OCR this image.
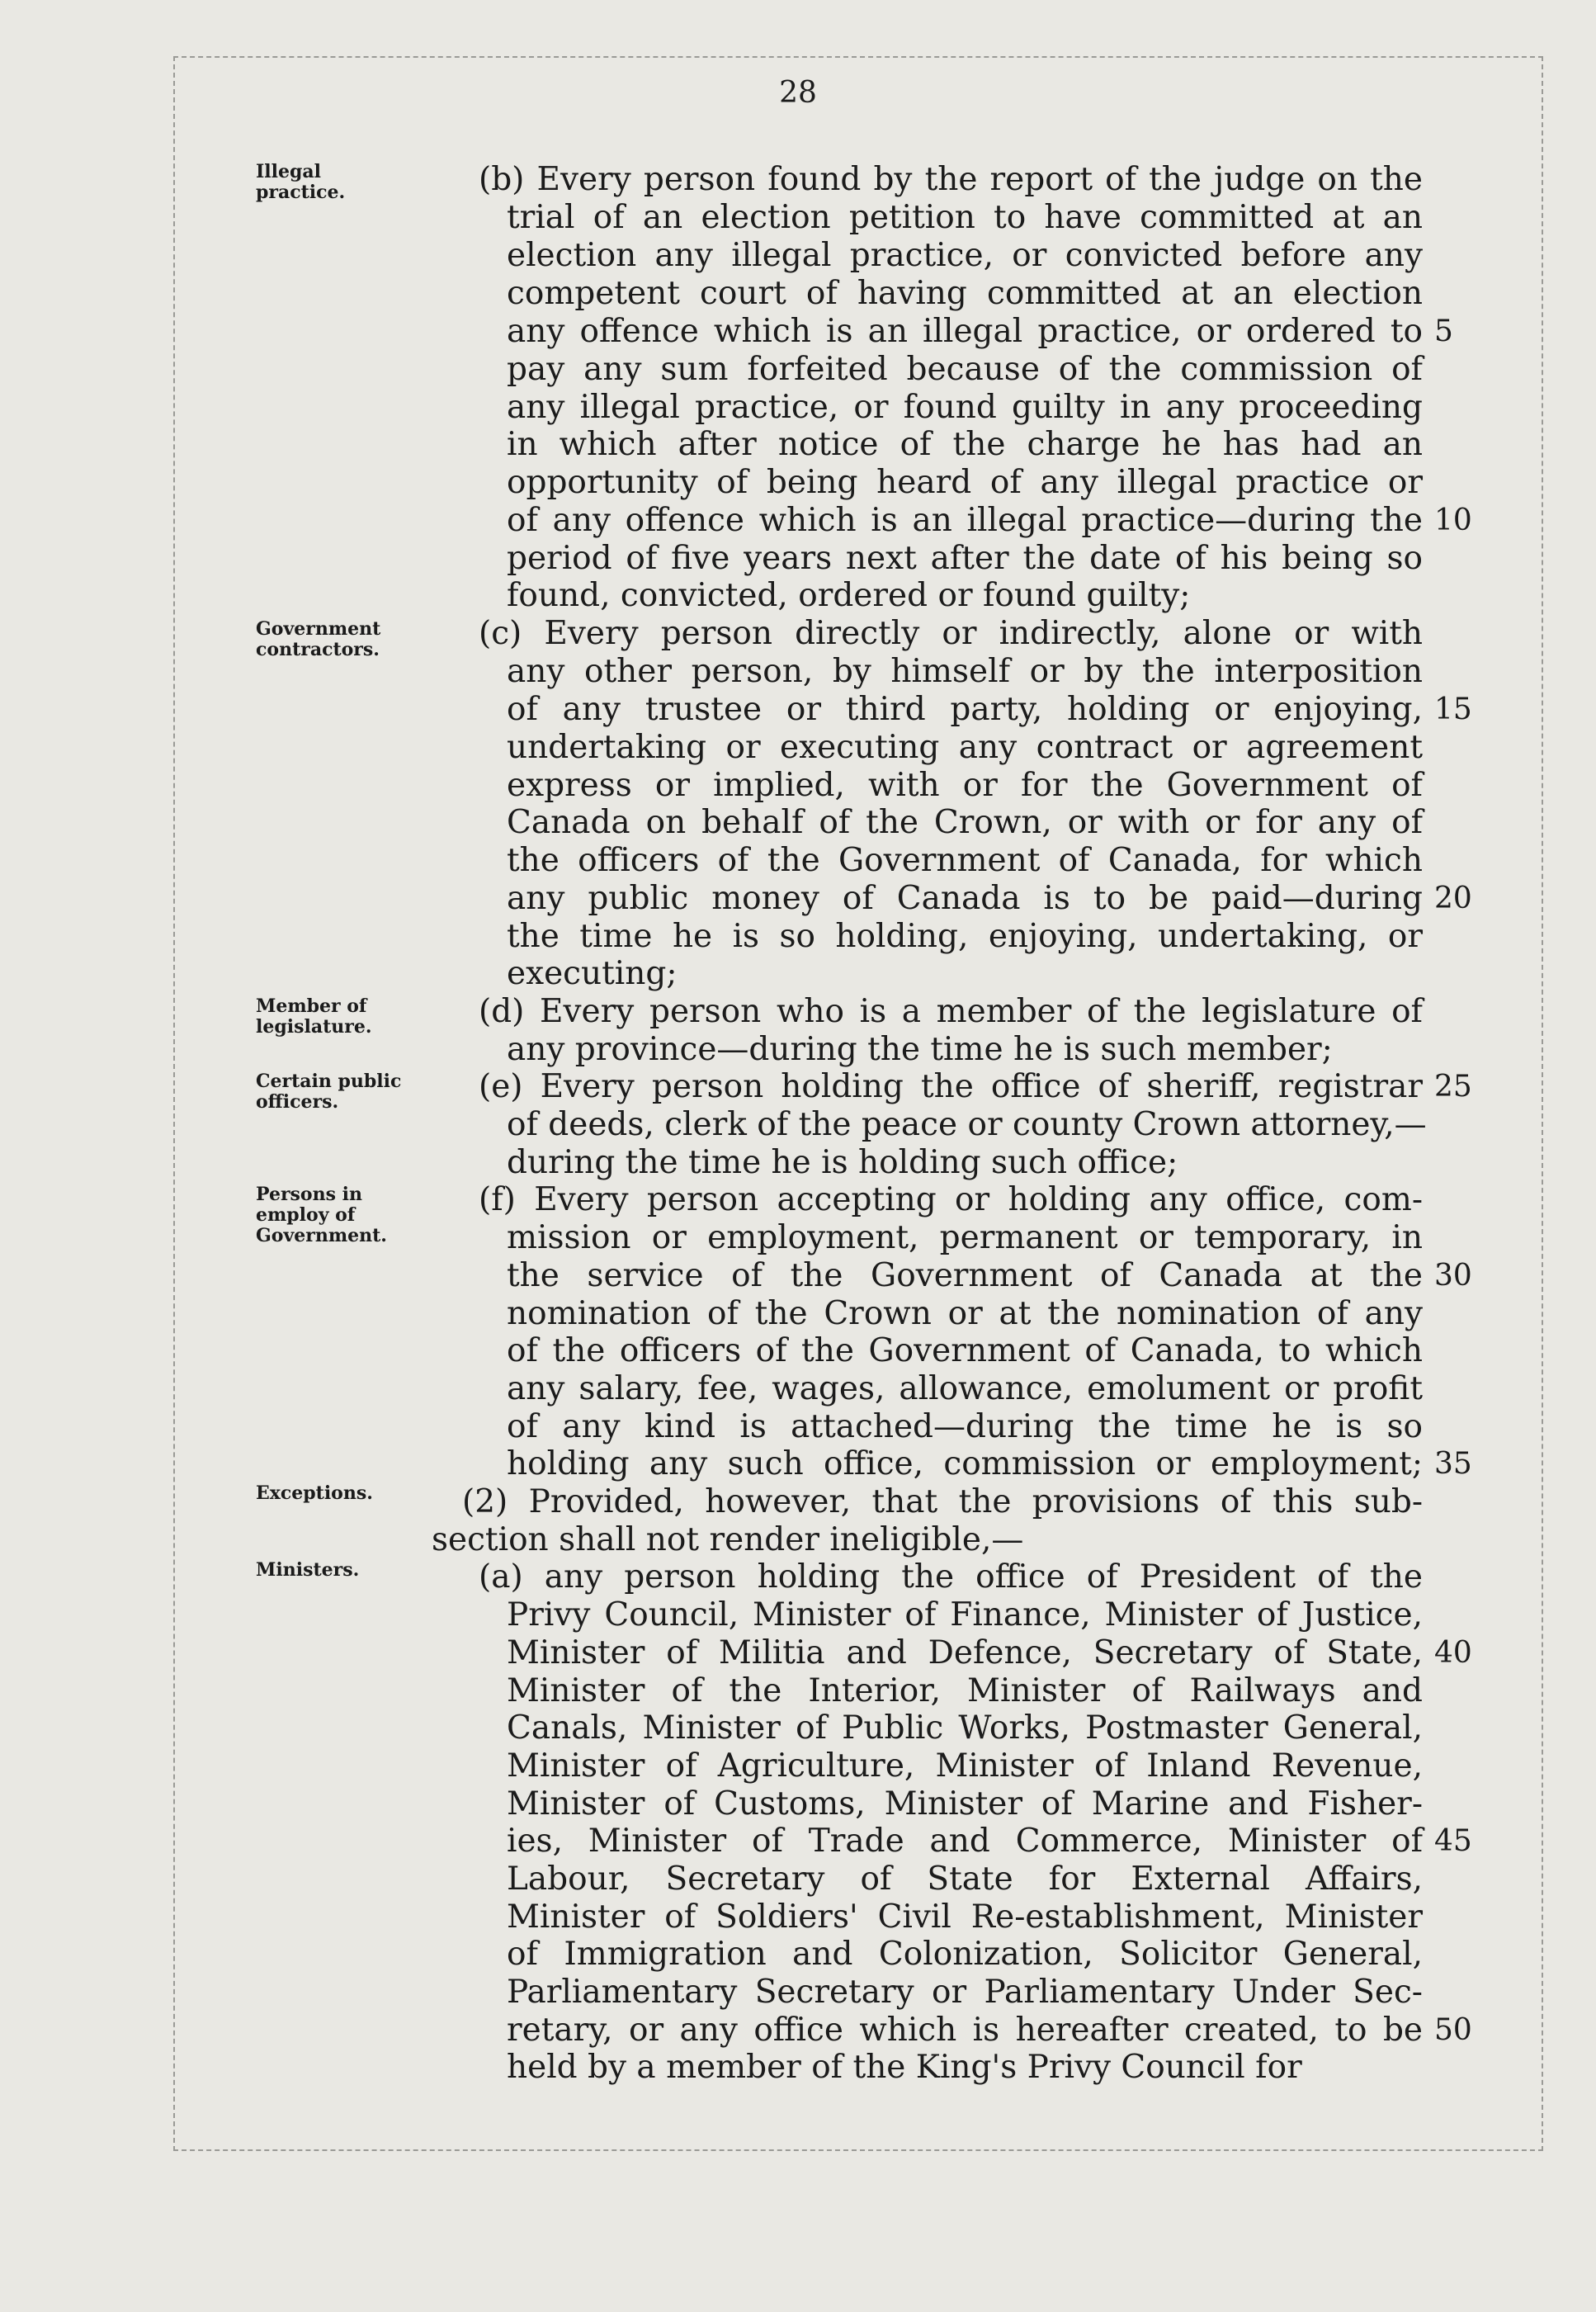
28
Illegal
practice.
Government
contractors.
Member of
legislature.
Certain public
officers.
Persons in
employ of
Government.
Exceptions.
Ministers.
(b) Every person found by the report of the judge on the
trial of an election petition to have committed at an
election any illegal practice, or convicted before any
competent court of having committed at an election
any offence which is an illegal practice, or ordered to
pay any sum forfeited because of the commission of
any illegal practice, or found guilty in any proceeding
in which after notice of the charge he has had an
opportunity of being heard of any illegal practice or
of any offence which is an illegal practice—during the
period of five years next after the date of his being so
found, convicted, ordered or found guilty;
(c) Every person directly or indirectly, alone or with
any other person, by himself or by the interposition
of any trustee or third party, holding or enjoying,
undertaking or executing any contract or agreement
express or implied, with or for the Government of
Canada on behalf of the Crown, or with or for any of
the officers of the Government of Canada, for which
any public money of Canada is to be paid—during
the time he is so holding, enjoying, undertaking, or
executing;
(d) Every person who is a member of the legislature of
any province—during the time he is such member;
(e) Every person holding the office of sheriff, registrar
of deeds, clerk of the peace or county Crown attorney,—
during the time he is holding such office;
(f) Every person accepting or holding any office, com-
mission or employment, permanent or temporary, in
the service of the Government of Canada at the
nomination of the Crown or at the nomination of any
of the officers of the Government of Canada, to which
any salary, fee, wages, allowance, emolument or profit
of any kind is attached—during the time he is so
holding any such office, commission or employment;
(2) Provided, however, that the provisions of this sub-
section shall not render ineligible,—
(a) any person holding the office of President of the
Privy Council, Minister of Finance, Minister of Justice,
Minister of Militia and Defence, Secretary of State,
Minister of the Interior, Minister of Railways and
Canals, Minister of Public Works, Postmaster General,
Minister of Agriculture, Minister of Inland Revenue,
Minister of Customs, Minister of Marine and Fisher-
ies, Minister of Trade and Commerce, Minister of
Labour, Secretary of State for External Affairs,
Minister of Soldiers' Civil Re-establishment, Minister
of Immigration and Colonization, Solicitor General,
Parliamentary Secretary or Parliamentary Under Sec-
retary, or any office which is hereafter created, to be
held by a member of the King's Privy Council for
5
10
15
20
25
30
35
40
45
50
